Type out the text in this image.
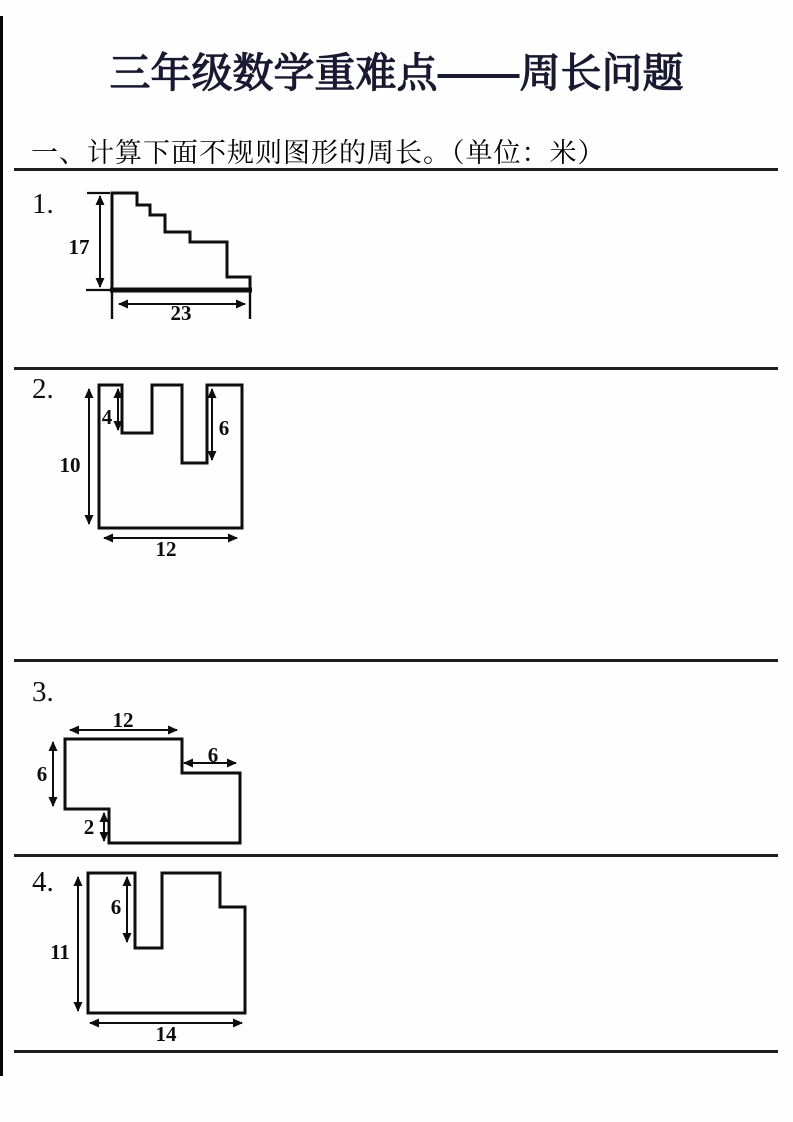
三年级数学重难点——周长问题
一、计算下面不规则图形的周长。（单位：米）
1.
17
23
2.
10
4	6
12
3.
12
6
6
2
4.
11
6
14
